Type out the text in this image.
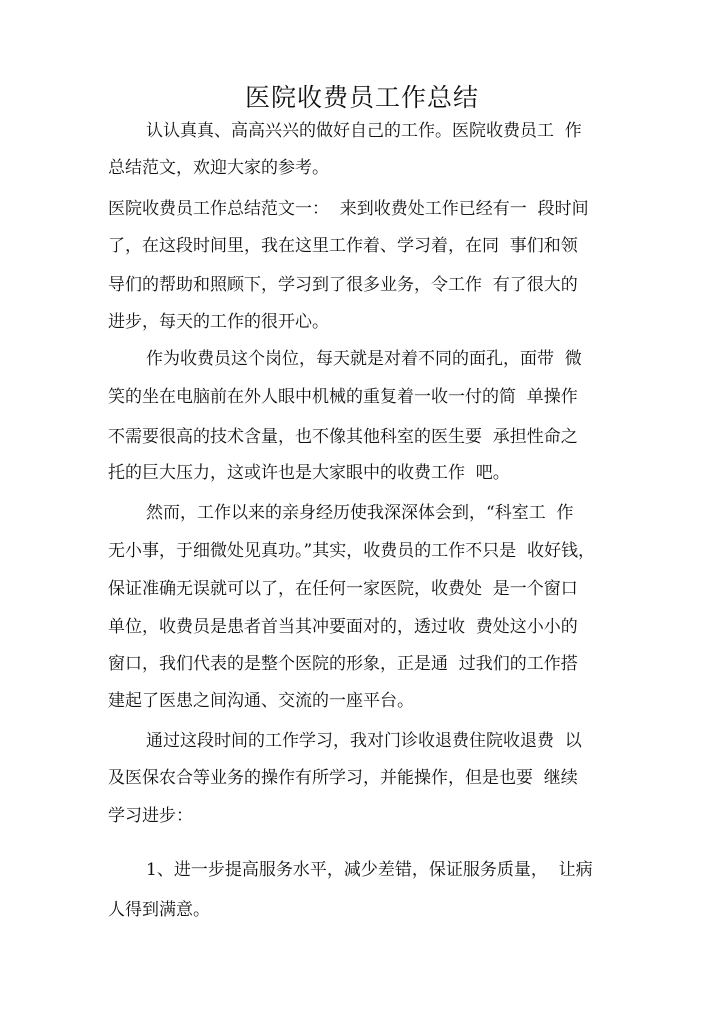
医院收费员工作总结
认认真真、高高兴兴的做好自己的工作。医院收费员工  作
总结范文，欢迎大家的参考。
医院收费员工作总结范文一：  来到收费处工作已经有一  段时间
了，在这段时间里，我在这里工作着、学习着，在同  事们和领
导们的帮助和照顾下，学习到了很多业务，令工作  有了很大的
进步，每天的工作的很开心。
作为收费员这个岗位，每天就是对着不同的面孔，面带  微
笑的坐在电脑前在外人眼中机械的重复着一收一付的简  单操作
不需要很高的技术含量，也不像其他科室的医生要  承担性命之
托的巨大压力，这或许也是大家眼中的收费工作  吧。
然而，工作以来的亲身经历使我深深体会到，“科室工  作
无小事，于细微处见真功。”其实，收费员的工作不只是  收好钱，
保证准确无误就可以了，在任何一家医院，收费处  是一个窗口
单位，收费员是患者首当其冲要面对的，透过收  费处这小小的
窗口，我们代表的是整个医院的形象，正是通  过我们的工作搭
建起了医患之间沟通、交流的一座平台。
通过这段时间的工作学习，我对门诊收退费住院收退费  以
及医保农合等业务的操作有所学习，并能操作，但是也要  继续
学习进步：
1、进一步提高服务水平，减少差错，保证服务质量，  让病
人得到满意。
